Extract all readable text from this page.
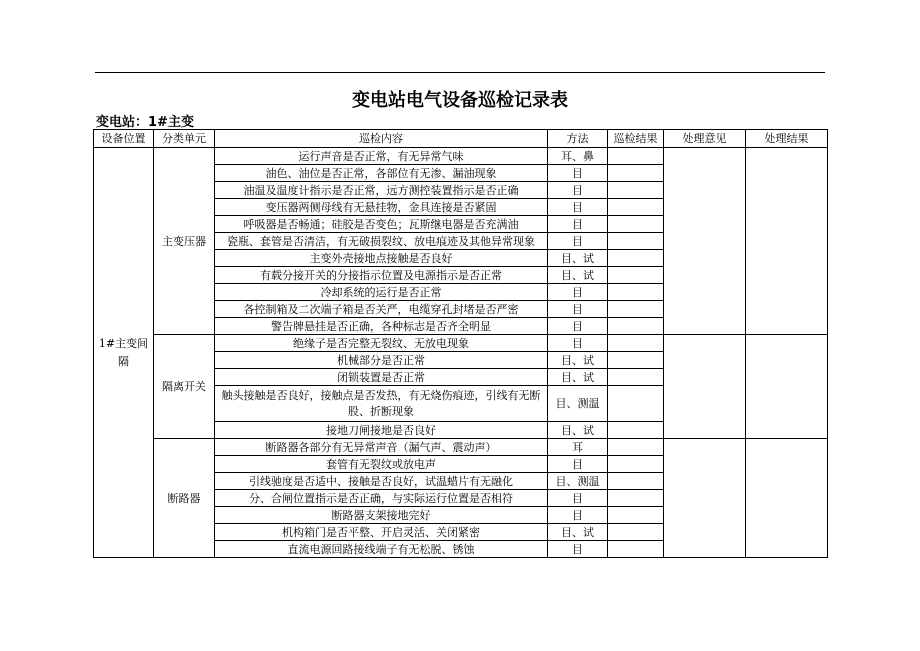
变电站电气设备巡检记录表
变电站：1#主变
设备位置	分类单元	巡检内容	方法	巡检结果	处理意见	处理结果
1#主变间隔	主变压器	运行声音是否正常，有无异常气味	耳、鼻			
		油色、油位是否正常，各部位有无渗、漏油现象	目			
		油温及温度计指示是否正常，远方测控装置指示是否正确	目			
		变压器两侧母线有无悬挂物，金具连接是否紧固	目			
		呼吸器是否畅通；硅胶是否变色；瓦斯继电器是否充满油	目			
		瓷瓶、套管是否清洁，有无破损裂纹、放电痕迹及其他异常现象	目			
		主变外壳接地点接触是否良好	目、试			
		有载分接开关的分接指示位置及电源指示是否正常	目、试			
		冷却系统的运行是否正常	目			
		各控制箱及二次端子箱是否关严，电缆穿孔封堵是否严密	目			
		警告牌悬挂是否正确，各种标志是否齐全明显	目			
	隔离开关	绝缘子是否完整无裂纹、无放电现象	目			
		机械部分是否正常	目、试			
		闭锁装置是否正常	目、试			
		触头接触是否良好，接触点是否发热，有无烧伤痕迹，引线有无断股、折断现象	目、测温			
		接地刀闸接地是否良好	目、试			
	断路器	断路器各部分有无异常声音（漏气声、震动声）	耳			
		套管有无裂纹或放电声	目			
		引线驰度是否适中、接触是否良好，试温蜡片有无融化	目、测温			
		分、合闸位置指示是否正确，与实际运行位置是否相符	目			
		断路器支架接地完好	目			
		机构箱门是否平整、开启灵活、关闭紧密	目、试			
		直流电源回路接线端子有无松脱、锈蚀	目			
